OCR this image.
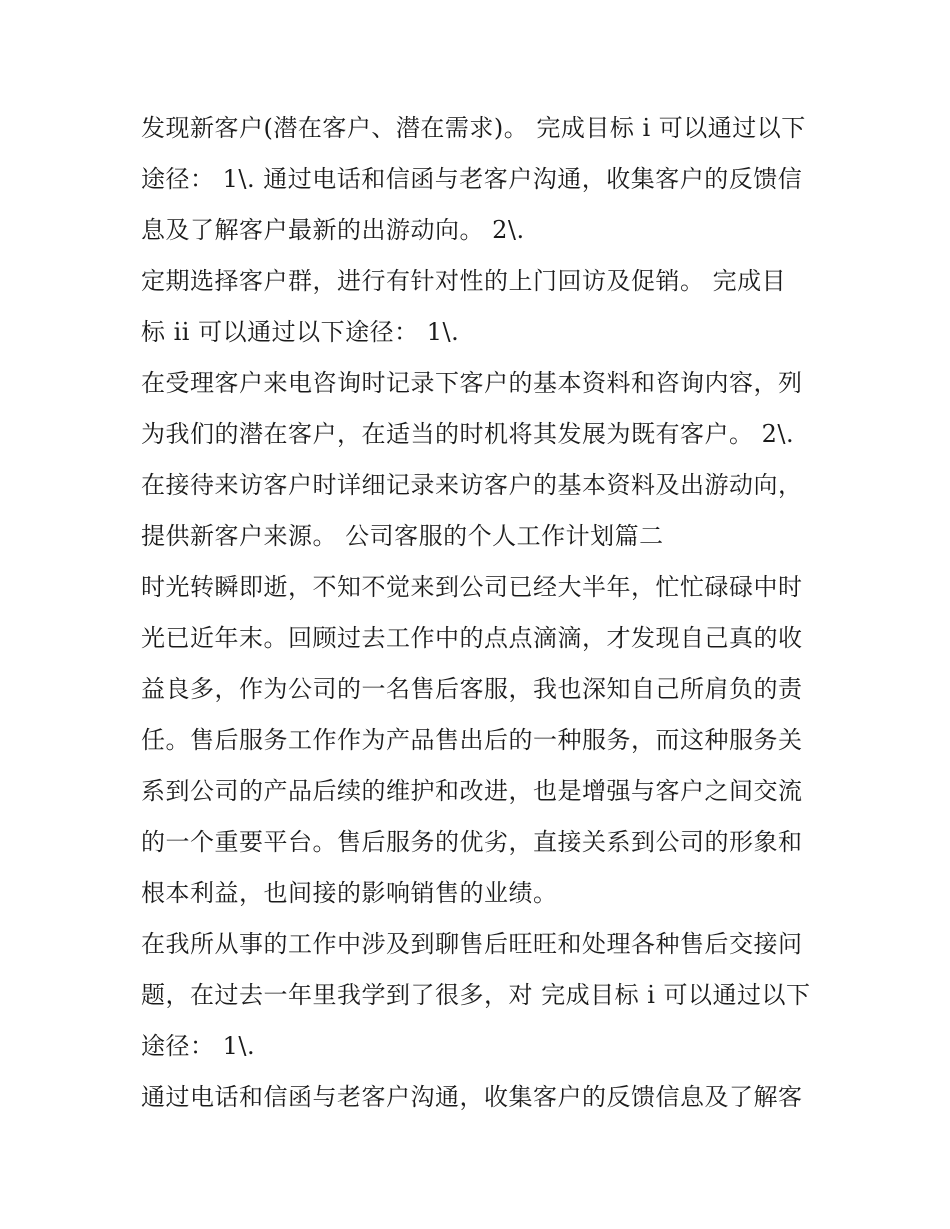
发现新客户(潜在客户、潜在需求)。 完成目标 i 可以通过以下
途径： 1\. 通过电话和信函与老客户沟通，收集客户的反馈信
息及了解客户最新的出游动向。 2\.
定期选择客户群，进行有针对性的上门回访及促销。 完成目
标 ii 可以通过以下途径： 1\.
在受理客户来电咨询时记录下客户的基本资料和咨询内容，列
为我们的潜在客户，在适当的时机将其发展为既有客户。 2\.
在接待来访客户时详细记录来访客户的基本资料及出游动向，
提供新客户来源。 公司客服的个人工作计划篇二
时光转瞬即逝，不知不觉来到公司已经大半年，忙忙碌碌中时
光已近年末。回顾过去工作中的点点滴滴，才发现自己真的收
益良多，作为公司的一名售后客服，我也深知自己所肩负的责
任。售后服务工作作为产品售出后的一种服务，而这种服务关
系到公司的产品后续的维护和改进，也是增强与客户之间交流
的一个重要平台。售后服务的优劣，直接关系到公司的形象和
根本利益，也间接的影响销售的业绩。
在我所从事的工作中涉及到聊售后旺旺和处理各种售后交接问
题，在过去一年里我学到了很多，对 完成目标 i 可以通过以下
途径： 1\.
通过电话和信函与老客户沟通，收集客户的反馈信息及了解客
